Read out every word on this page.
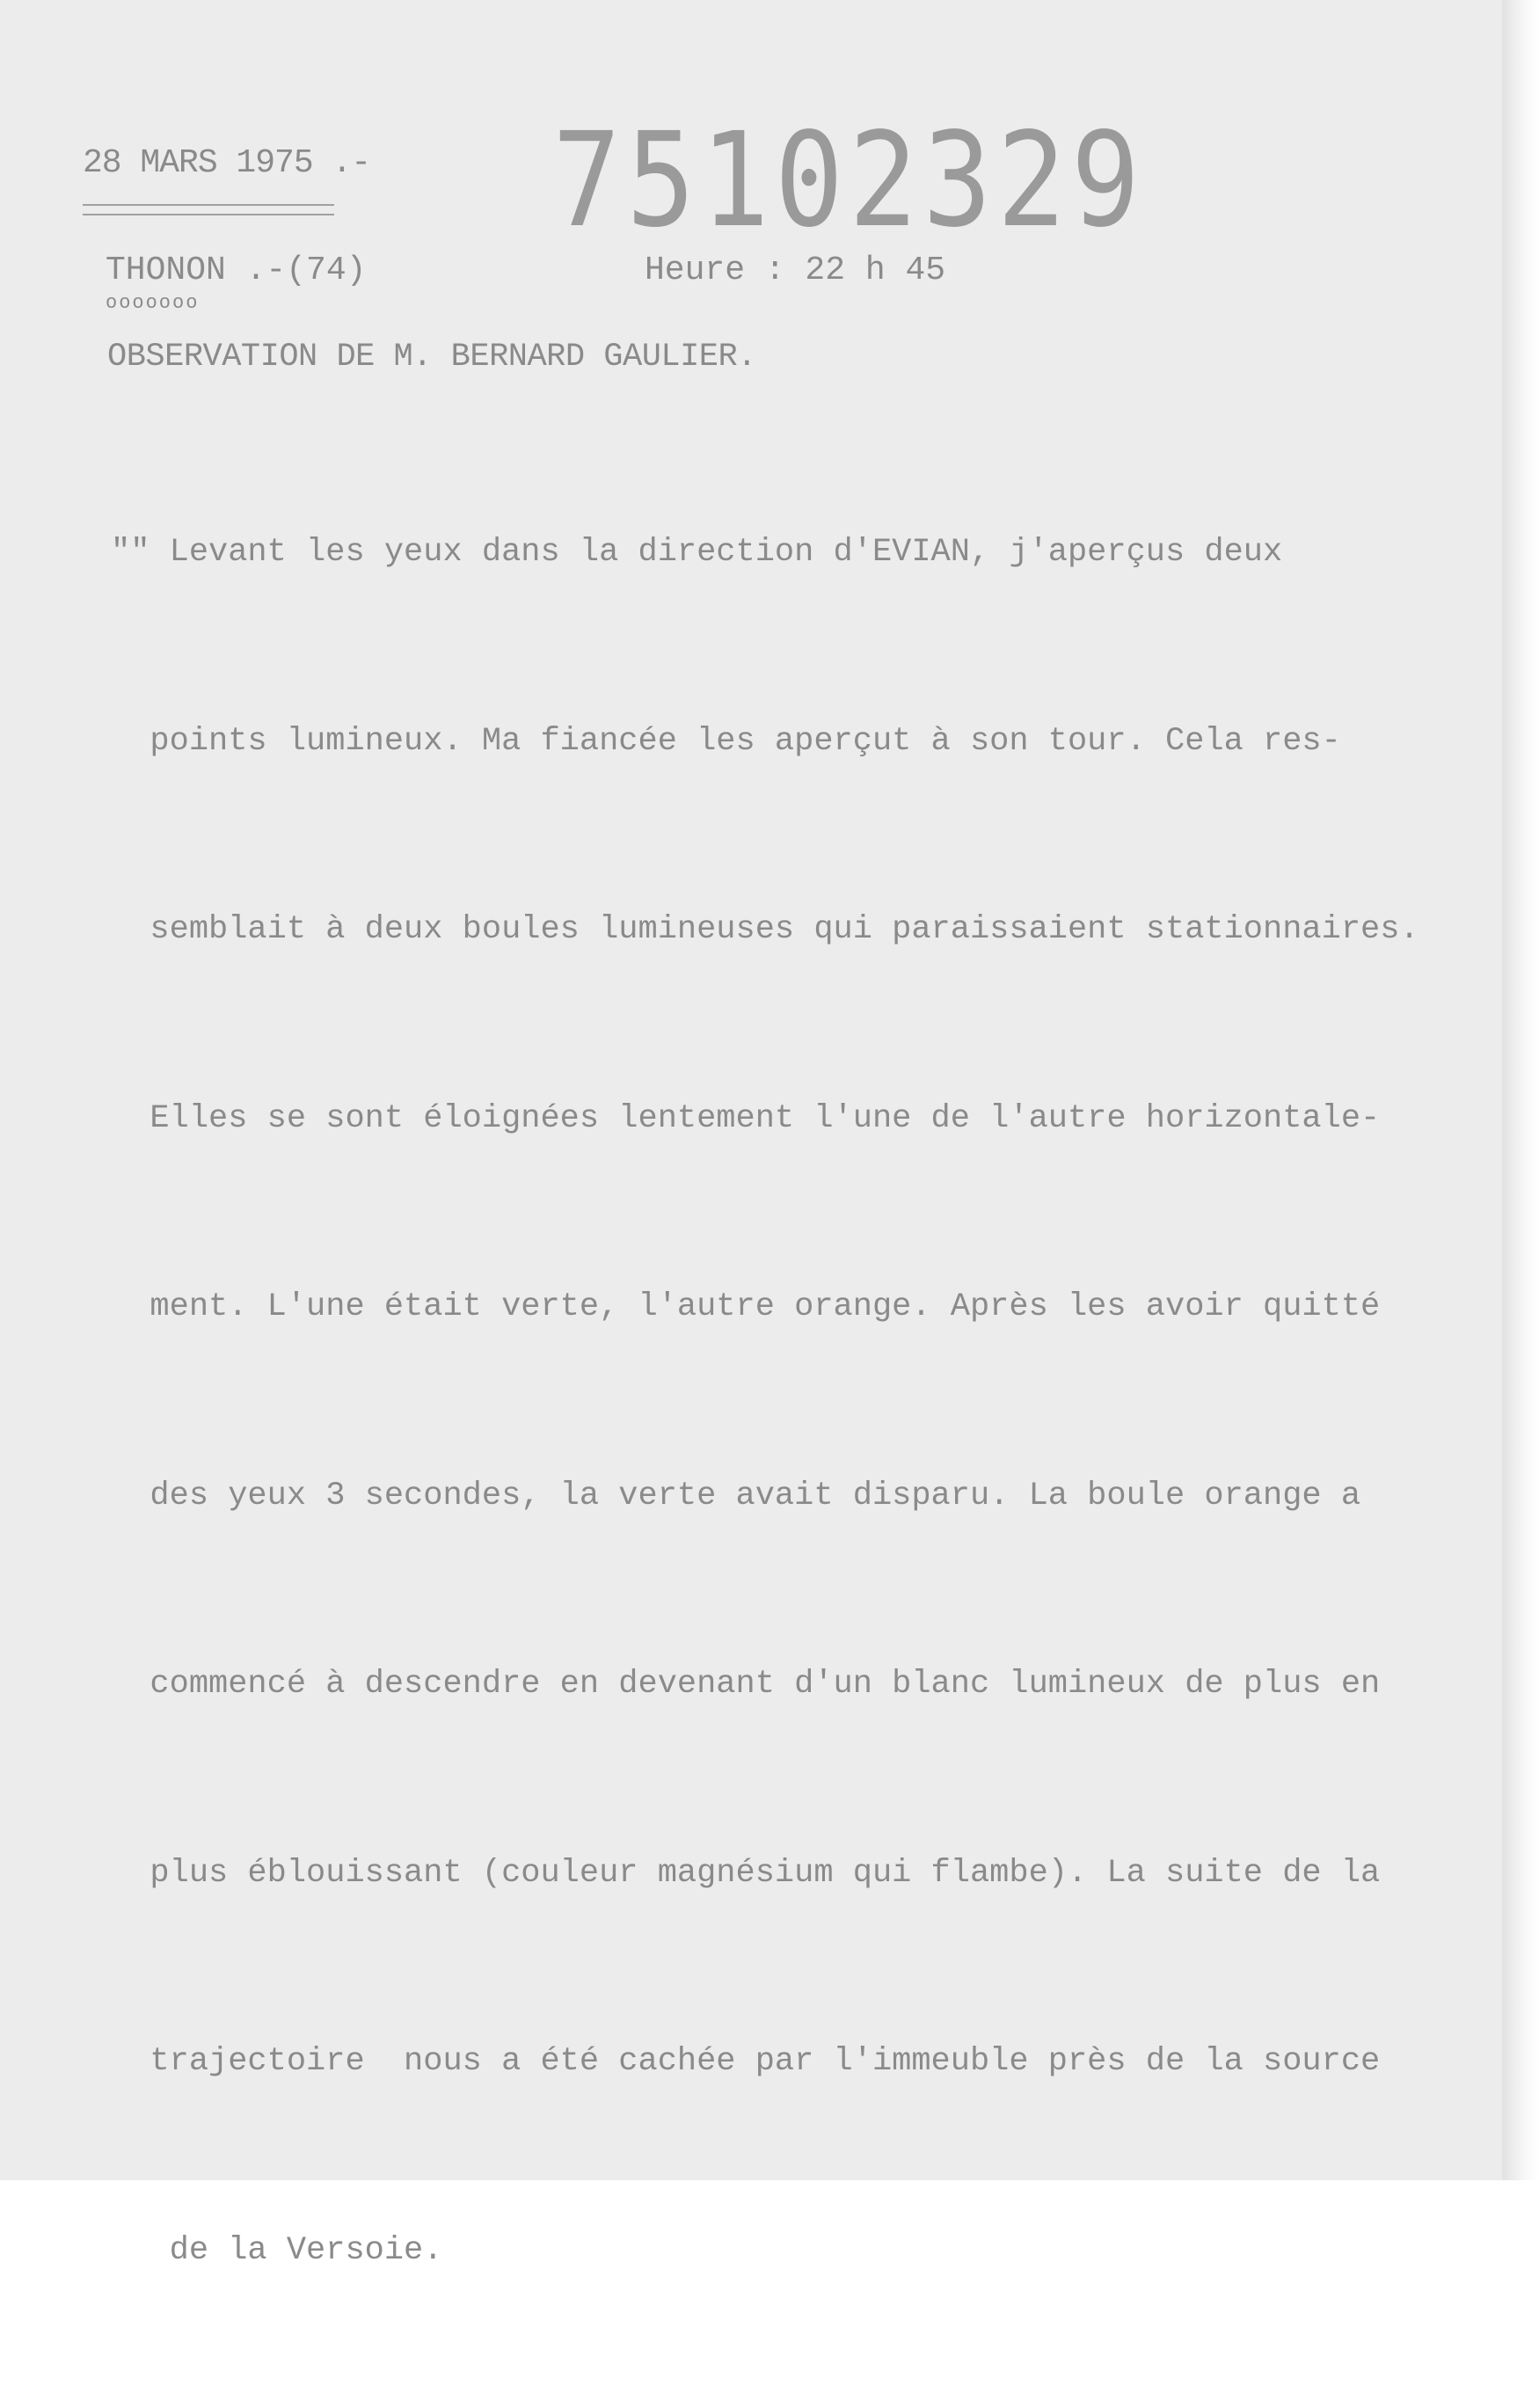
28 MARS 1975 .- 75102329

THONON .-(74)

ooooooo

Heure : 22 h 45

OBSERVATION DE M. BERNARD GAULIER.

"" Levant les yeux dans la direction d'EVIAN, j'aperçus deux

points lumineux. Ma fiancée les aperçut à son tour. Cela res-

semblait à deux boules lumineuses qui paraissaient stationnaires.

Elles se sont éloignées lentement l'une de l'autre horizontale-

ment. L'une était verte, l'autre orange. Après les avoir quitté

des yeux 3 secondes, la verte avait disparu. La boule orange a

commencé à descendre en devenant d'un blanc lumineux de plus en

plus éblouissant (couleur magnésium qui flambe). La suite de la

trajectoire  nous a été cachée par l'immeuble près de la source

de la Versoie.
